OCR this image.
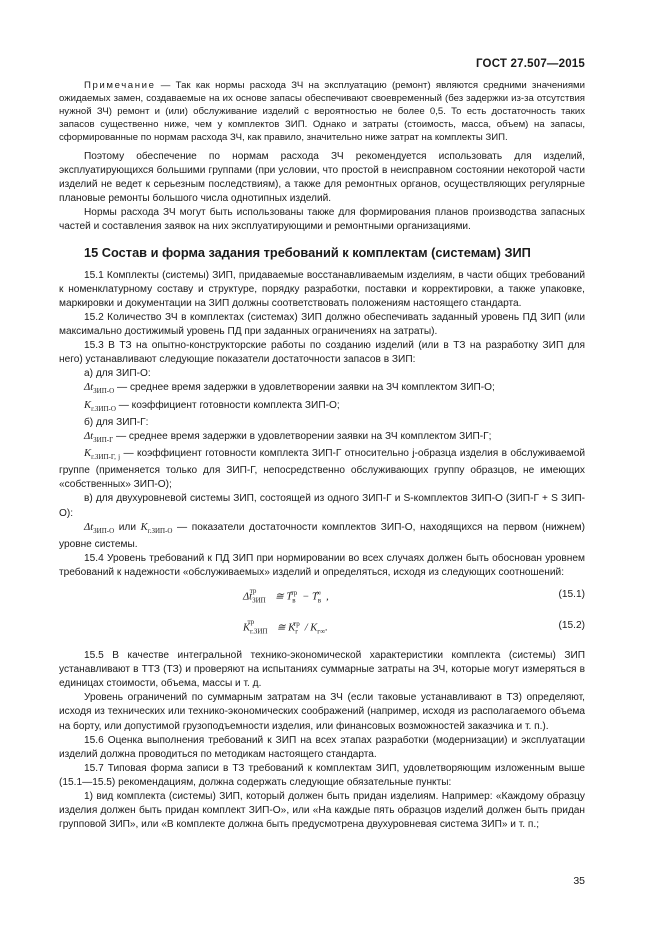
ГОСТ 27.507—2015

Примечание — Так как нормы расхода ЗЧ на эксплуатацию (ремонт) являются средними значениями ожидаемых замен, создаваемые на их основе запасы обеспечивают своевременный (без задержки из-за отсутствия нужной ЗЧ) ремонт и (или) обслуживание изделий с вероятностью не более 0,5. То есть достаточность таких запасов существенно ниже, чем у комплектов ЗИП. Однако и затраты (стоимость, масса, объем) на запасы, сформированные по нормам расхода ЗЧ, как правило, значительно ниже затрат на комплекты ЗИП.

Поэтому обеспечение по нормам расхода ЗЧ рекомендуется использовать для изделий, эксплуатирующихся большими группами (при условии, что простой в неисправном состоянии некоторой части изделий не ведет к серьезным последствиям), а также для ремонтных органов, осуществляющих регулярные плановые ремонты большого числа однотипных изделий.

Нормы расхода ЗЧ могут быть использованы также для формирования планов производства запасных частей и составления заявок на них эксплуатирующими и ремонтными организациями.

15 Состав и форма задания требований к комплектам (системам) ЗИП

15.1 Комплекты (системы) ЗИП, придаваемые восстанавливаемым изделиям, в части общих требований к номенклатурному составу и структуре, порядку разработки, поставки и корректировки, а также упаковке, маркировки и документации на ЗИП должны соответствовать положениям настоящего стандарта.

15.2 Количество ЗЧ в комплектах (системах) ЗИП должно обеспечивать заданный уровень ПД ЗИП (или максимально достижимый уровень ПД при заданных ограничениях на затраты).

15.3 В ТЗ на опытно-конструкторские работы по созданию изделий (или в ТЗ на разработку ЗИП для него) устанавливают следующие показатели достаточности запасов в ЗИП:

а) для ЗИП-О:

$\Delta t_{ЗИП-О}$ — среднее время задержки в удовлетворении заявки на ЗЧ комплектом ЗИП-О;

$K_{г.ЗИП-О}$ — коэффициент готовности комплекта ЗИП-О;

б) для ЗИП-Г:

$\Delta t_{ЗИП-Г}$ — среднее время задержки в удовлетворении заявки на ЗЧ комплектом ЗИП-Г;

$K_{г.ЗИП-Г, j}$ — коэффициент готовности комплекта ЗИП-Г относительно j-образца изделия в обслуживаемой группе (применяется только для ЗИП-Г, непосредственно обслуживающих группу образцов, не имеющих «собственных» ЗИП-О);

в) для двухуровневой системы ЗИП, состоящей из одного ЗИП-Г и S-комплектов ЗИП-О (ЗИП-Г + S ЗИП-О):

$\Delta t_{ЗИП-О}$ или $K_{г.ЗИП-О}$ — показатели достаточности комплектов ЗИП-О, находящихся на первом (нижнем) уровне системы.

15.4 Уровень требований к ПД ЗИП при нормировании во всех случаях должен быть обоснован уровнем требований к надежности «обслуживаемых» изделий и определяться, исходя из следующих соотношений:

$\Delta t_{ЗИП}^{тр}$ ≅ $T_в^{тр} - T_в^\infty$ ,	(15.1)
$K_{г.ЗИП}^{тр}$ ≅ $K_г^{тр} / K_{г\infty}$.	(15.2)

15.5 В качестве интегральной технико-экономической характеристики комплекта (системы) ЗИП устанавливают в ТТЗ (ТЗ) и проверяют на испытаниях суммарные затраты на ЗЧ, которые могут измеряться в единицах стоимости, объема, массы и т. д.

Уровень ограничений по суммарным затратам на ЗЧ (если таковые устанавливают в ТЗ) определяют, исходя из технических или технико-экономических соображений (например, исходя из располагаемого объема на борту, или допустимой грузоподъемности изделия, или финансовых возможностей заказчика и т. п.).

15.6 Оценка выполнения требований к ЗИП на всех этапах разработки (модернизации) и эксплуатации изделий должна проводиться по методикам настоящего стандарта.

15.7 Типовая форма записи в ТЗ требований к комплектам ЗИП, удовлетворяющим изложенным выше (15.1—15.5) рекомендациям, должна содержать следующие обязательные пункты:

1) вид комплекта (системы) ЗИП, который должен быть придан изделиям. Например: «Каждому образцу изделия должен быть придан комплект ЗИП-О», или «На каждые пять образцов изделий должен быть придан групповой ЗИП», или «В комплекте должна быть предусмотрена двухуровневая система ЗИП» и т. п.;

35
